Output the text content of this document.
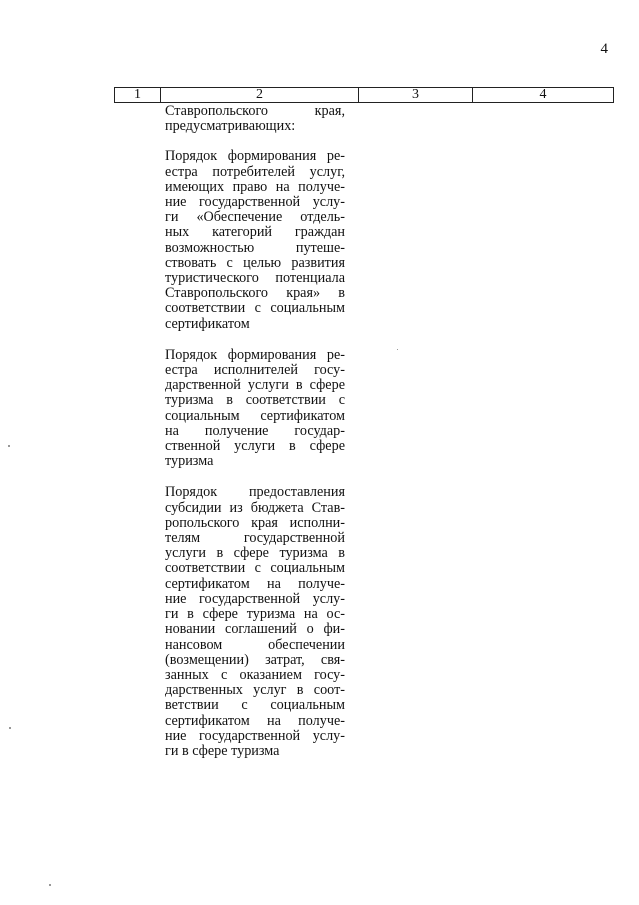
4
1	2	3	4
Ставропольского края,
предусматривающих:
Порядок формирования ре-
естра потребителей услуг,
имеющих право на получе-
ние государственной услу-
ги «Обеспечение отдель-
ных категорий граждан
возможностью путеше-
ствовать с целью развития
туристического потенциала
Ставропольского края» в
соответствии с социальным
сертификатом
Порядок формирования ре-
естра исполнителей госу-
дарственной услуги в сфере
туризма в соответствии с
социальным сертификатом
на получение государ-
ственной услуги в сфере
туризма
Порядок предоставления
субсидии из бюджета Став-
ропольского края исполни-
телям государственной
услуги в сфере туризма в
соответствии с социальным
сертификатом на получе-
ние государственной услу-
ги в сфере туризма на ос-
новании соглашений о фи-
нансовом обеспечении
(возмещении) затрат, свя-
занных с оказанием госу-
дарственных услуг в соот-
ветствии с социальным
сертификатом на получе-
ние государственной услу-
ги в сфере туризма
